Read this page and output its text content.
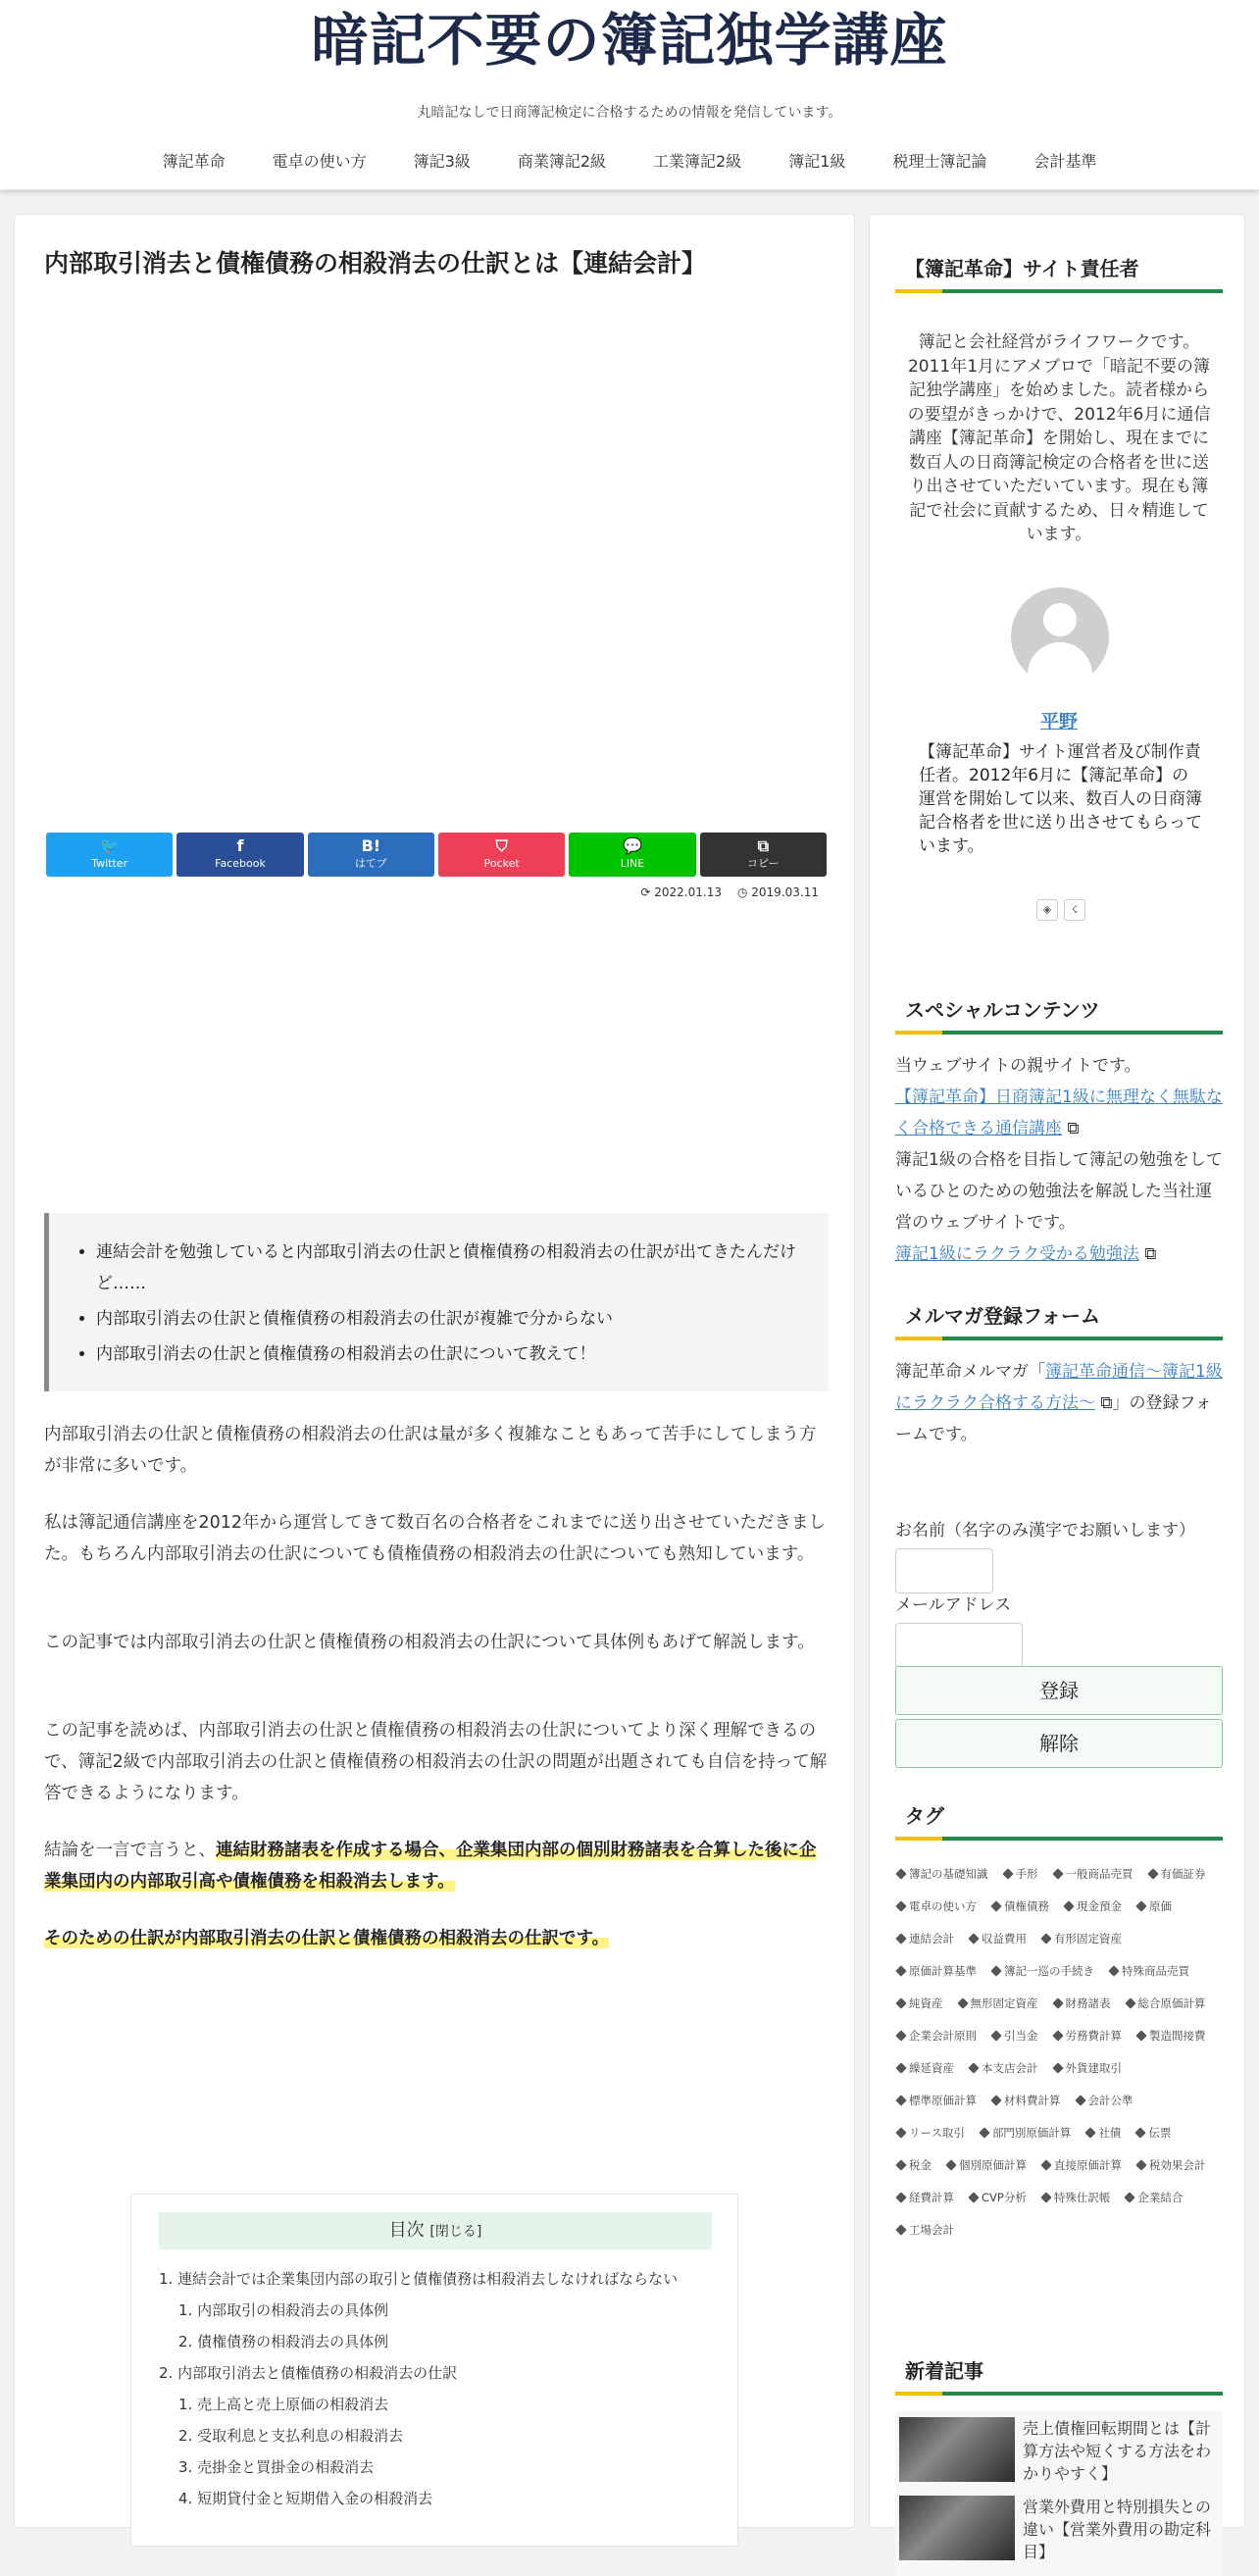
暗記不要の簿記独学講座
丸暗記なしで日商簿記検定に合格するための情報を発信しています。
簿記革命	電卓の使い方	簿記3級	商業簿記2級	工業簿記2級	簿記1級	税理士簿記論	会計基準
内部取引消去と債権債務の相殺消去の仕訳とは【連結会計】
🐦
Twitter
f
Facebook
B!
はてブ
⛉
Pocket
💬
LINE
⧉
コピー
⟳ 2022.01.13 ◷ 2019.03.11
• 連結会計を勉強していると内部取引消去の仕訳と債権債務の相殺消去の仕訳が出てきたんだけど……
• 内部取引消去の仕訳と債権債務の相殺消去の仕訳が複雑で分からない
• 内部取引消去の仕訳と債権債務の相殺消去の仕訳について教えて！

内部取引消去の仕訳と債権債務の相殺消去の仕訳は量が多く複雑なこともあって苦手にしてしまう方が非常に多いです。

私は簿記通信講座を2012年から運営してきて数百名の合格者をこれまでに送り出させていただきました。もちろん内部取引消去の仕訳についても債権債務の相殺消去の仕訳についても熟知しています。

この記事では内部取引消去の仕訳と債権債務の相殺消去の仕訳について具体例もあげて解説します。

この記事を読めば、内部取引消去の仕訳と債権債務の相殺消去の仕訳についてより深く理解できるので、簿記2級で内部取引消去の仕訳と債権債務の相殺消去の仕訳の問題が出題されても自信を持って解答できるようになります。

結論を一言で言うと、連結財務諸表を作成する場合、企業集団内部の個別財務諸表を合算した後に企業集団内の内部取引高や債権債務を相殺消去します。

そのための仕訳が内部取引消去の仕訳と債権債務の相殺消去の仕訳です。

目次 [閉じる]
1. 連結会計では企業集団内部の取引と債権債務は相殺消去しなければならない
1. 内部取引の相殺消去の具体例
2. 債権債務の相殺消去の具体例
2. 内部取引消去と債権債務の相殺消去の仕訳
1. 売上高と売上原価の相殺消去
2. 受取利息と支払利息の相殺消去
3. 売掛金と買掛金の相殺消去
4. 短期貸付金と短期借入金の相殺消去
【簿記革命】サイト責任者
簿記と会社経営がライフワークです。2011年1月にアメブロで「暗記不要の簿記独学講座」を始めました。読者様からの要望がきっかけで、2012年6月に通信講座【簿記革命】を開始し、現在までに数百人の日商簿記検定の合格者を世に送り出させていただいています。現在も簿記で社会に貢献するため、日々精進しています。
平野
【簿記革命】サイト運営者及び制作責任者。2012年6月に【簿記革命】の運営を開始して以来、数百人の日商簿記合格者を世に送り出させてもらっています。
◈	☇
スペシャルコンテンツ
当ウェブサイトの親サイトです。
【簿記革命】日商簿記1級に無理なく無駄なく合格できる通信講座 ⧉
簿記1級の合格を目指して簿記の勉強をしているひとのための勉強法を解説した当社運営のウェブサイトです。
簿記1級にラクラク受かる勉強法 ⧉
メルマガ登録フォーム
簿記革命メルマガ「簿記革命通信～簿記1級にラクラク合格する方法～ ⧉」の登録フォームです。
お名前（名字のみ漢字でお願いします）
メールアドレス
登録
解除
タグ
簿記の基礎知識	手形	一般商品売買	有価証券
電卓の使い方	債権債務	現金預金	原価
連結会計	収益費用	有形固定資産
原価計算基準	簿記一巡の手続き	特殊商品売買
純資産	無形固定資産	財務諸表	総合原価計算
企業会計原則	引当金	労務費計算	製造間接費
繰延資産	本支店会計	外貨建取引
標準原価計算	材料費計算	会計公準
リース取引	部門別原価計算	社債	伝票
税金	個別原価計算	直接原価計算	税効果会計
経費計算	CVP分析	特殊仕訳帳	企業結合
工場会計
新着記事
売上債権回転期間とは【計算方法や短くする方法をわかりやすく】
営業外費用と特別損失との違い【営業外費用の勘定科目】
